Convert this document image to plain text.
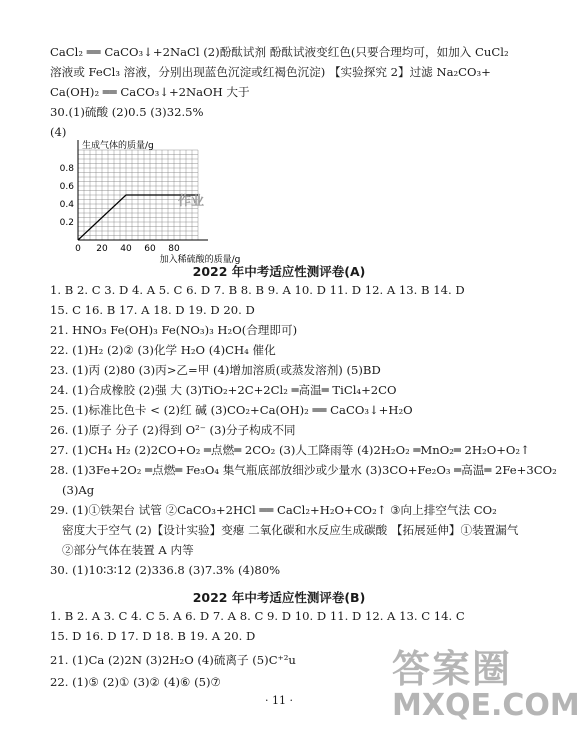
CaCl₂ ══ CaCO₃↓+2NaCl (2)酚酞试剂 酚酞试液变红色(只要合理均可，如加入 CuCl₂
溶液或 FeCl₃ 溶液，分别出现蓝色沉淀或红褐色沉淀) 【实验探究 2】过滤 Na₂CO₃+
Ca(OH)₂ ══ CaCO₃↓+2NaOH 大于
30.(1)硫酸 (2)0.5 (3)32.5%
(4)
0 20 40 60 80
0.2
0.4
0.6
0.8
生成气体的质量/g
加入稀硫酸的质量/g
作业
2022 年中考适应性测评卷(A)
1. B 2. C 3. D 4. A 5. C 6. D 7. B 8. B 9. A 10. D 11. D 12. A 13. B 14. D
15. C 16. B 17. A 18. D 19. D 20. D
21. HNO₃ Fe(OH)₃ Fe(NO₃)₃ H₂O(合理即可)
22. (1)H₂ (2)② (3)化学 H₂O (4)CH₄ 催化
23. (1)丙 (2)80 (3)丙>乙=甲 (4)增加溶质(或蒸发溶剂) (5)BD
24. (1)合成橡胶 (2)强 大 (3)TiO₂+2C+2Cl₂ ═高温═ TiCl₄+2CO
25. (1)标准比色卡 < (2)红 碱 (3)CO₂+Ca(OH)₂ ══ CaCO₃↓+H₂O
26. (1)原子 分子 (2)得到 O²⁻ (3)分子构成不同
27. (1)CH₄ H₂ (2)2CO+O₂ ═点燃═ 2CO₂ (3)人工降雨等 (4)2H₂O₂ ═MnO₂═ 2H₂O+O₂↑
28. (1)3Fe+2O₂ ═点燃═ Fe₃O₄ 集气瓶底部放细沙或少量水 (3)3CO+Fe₂O₃ ═高温═ 2Fe+3CO₂
(3)Ag
29. (1)①铁架台 试管 ②CaCO₃+2HCl ══ CaCl₂+H₂O+CO₂↑ ③向上排空气法 CO₂
密度大于空气 (2)【设计实验】变瘪 二氧化碳和水反应生成碳酸 【拓展延伸】①装置漏气
②部分气体在装置 A 内等
30. (1)10∶3∶12 (2)336.8 (3)7.3% (4)80%
2022 年中考适应性测评卷(B)
1. B 2. A 3. C 4. C 5. A 6. D 7. A 8. C 9. D 10. D 11. D 12. A 13. C 14. C
15. D 16. D 17. D 18. B 19. A 20. D
21. (1)Ca (2)2N (3)2H₂O (4)硫离子 (5)C⁺²u
22. (1)⑤ (2)① (3)② (4)⑥ (5)⑦
· 11 ·
答案圈
MXQE.COM
